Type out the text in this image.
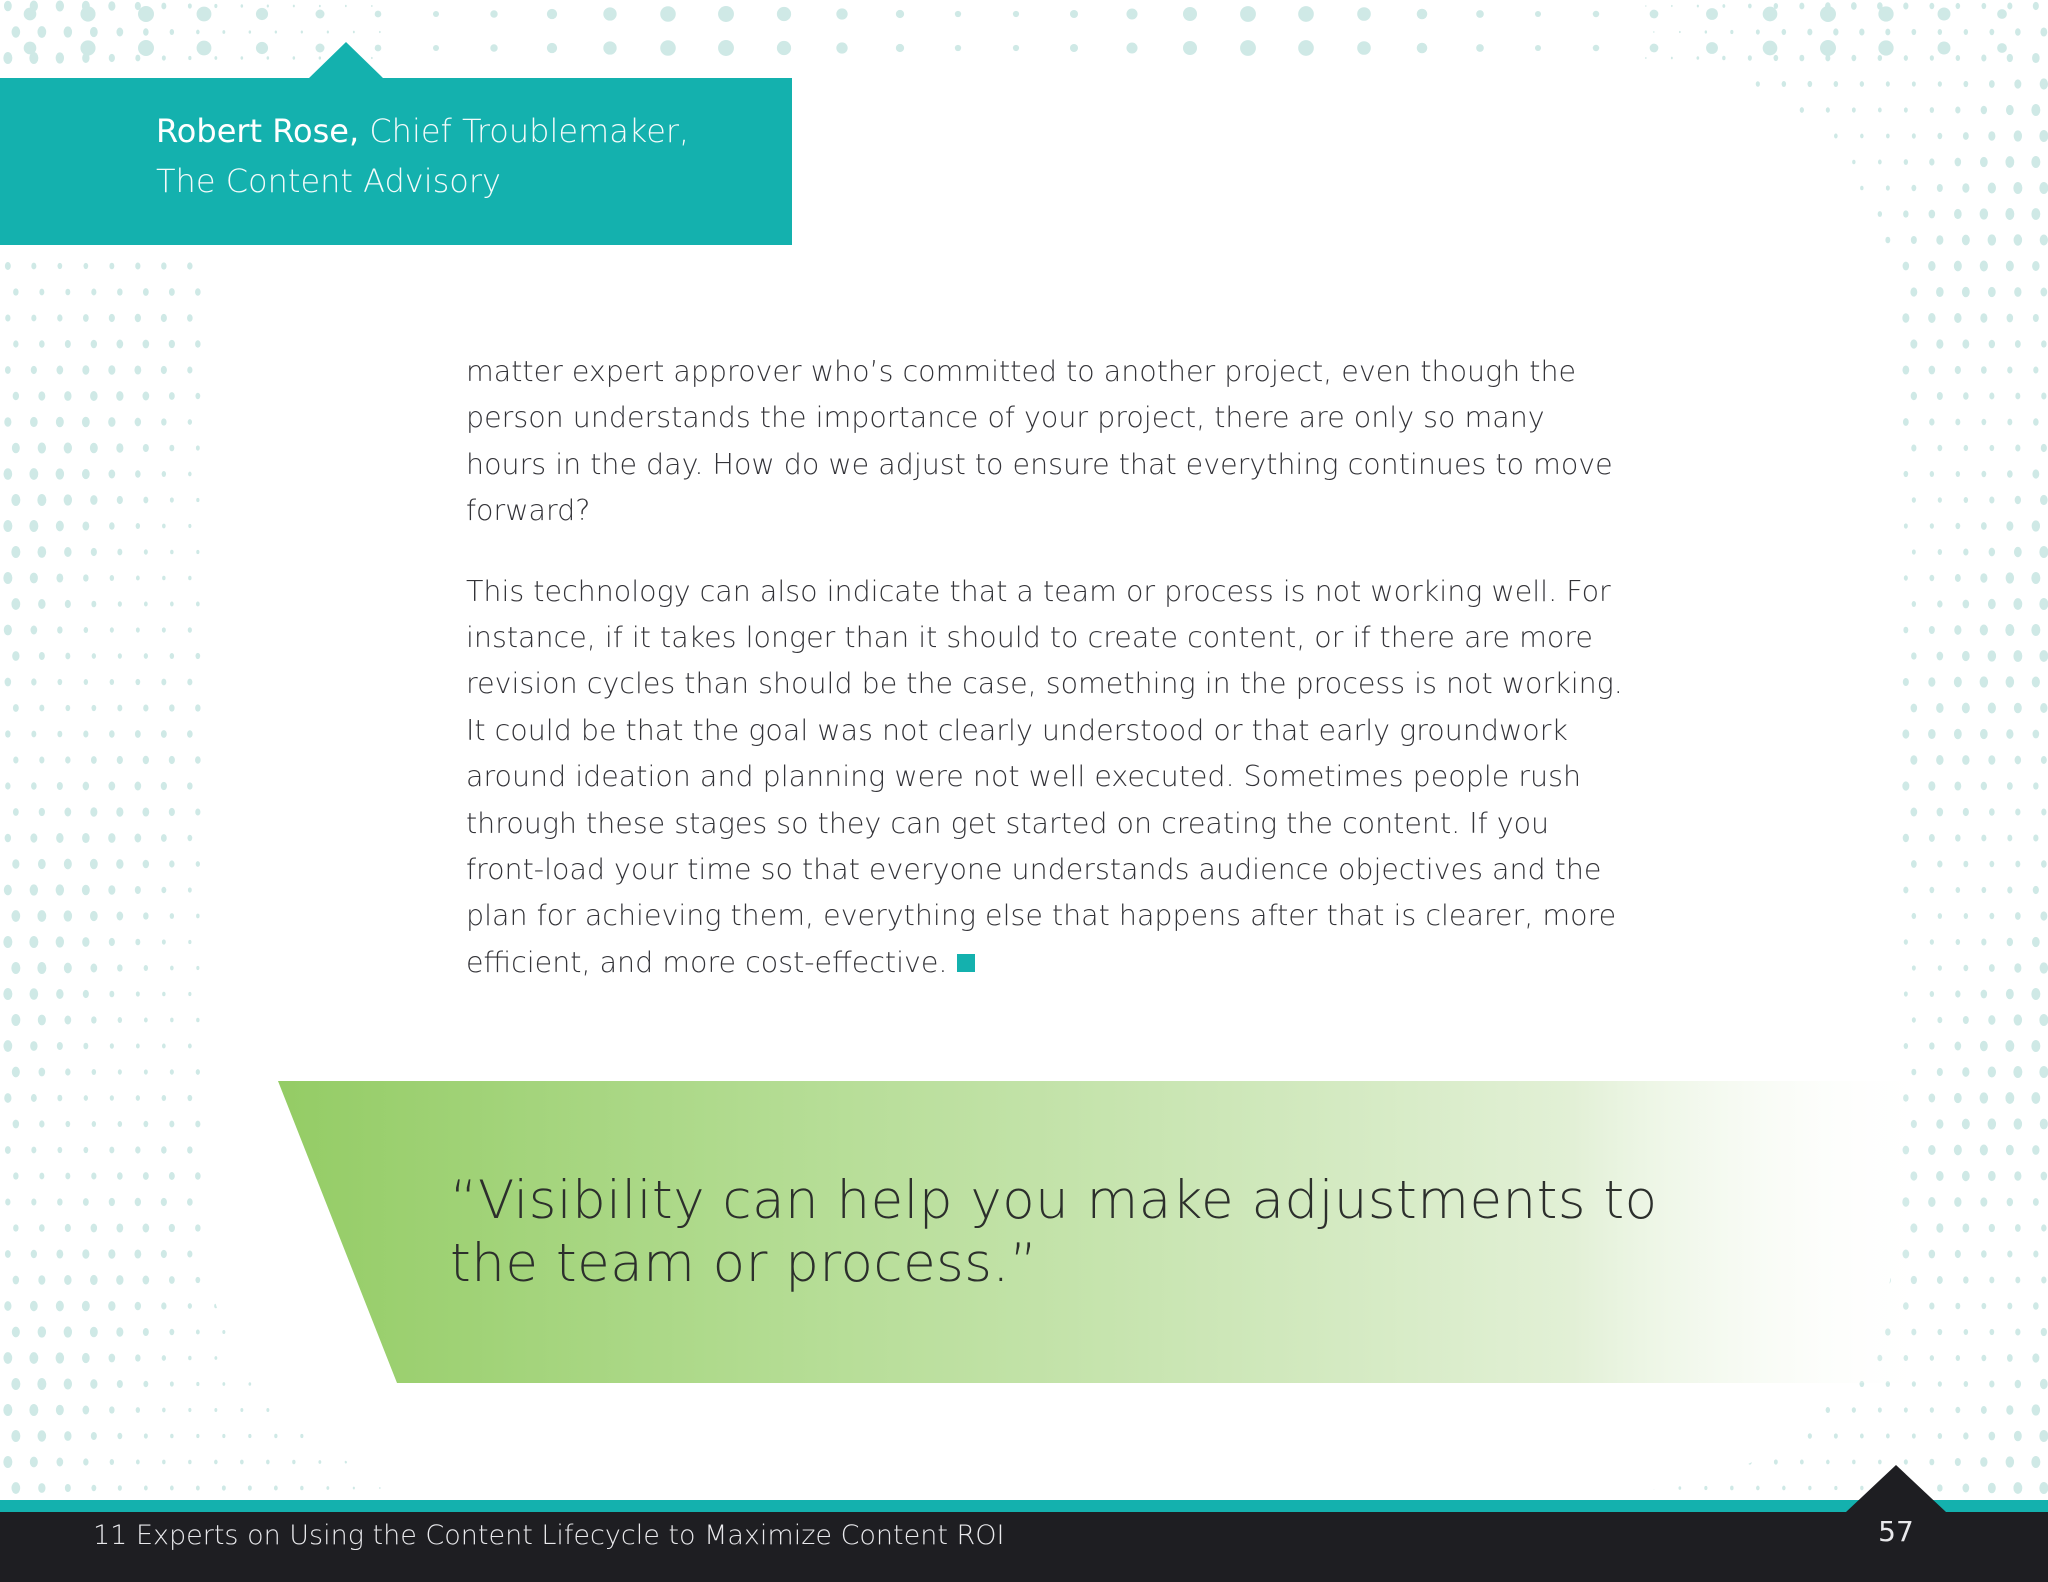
Robert Rose, Chief Troublemaker,
The Content Advisory

matter expert approver who’s committed to another project, even though the person understands the importance of your project, there are only so many hours in the day. How do we adjust to ensure that everything continues to move forward?

This technology can also indicate that a team or process is not working well. For instance, if it takes longer than it should to create content, or if there are more revision cycles than should be the case, something in the process is not working. It could be that the goal was not clearly understood or that early groundwork around ideation and planning were not well executed. Sometimes people rush through these stages so they can get started on creating the content. If you front-load your time so that everyone understands audience objectives and the plan for achieving them, everything else that happens after that is clearer, more efficient, and more cost-effective.

“Visibility can help you make adjustments to the team or process.”
11 Experts on Using the Content Lifecycle to Maximize Content ROI	57
